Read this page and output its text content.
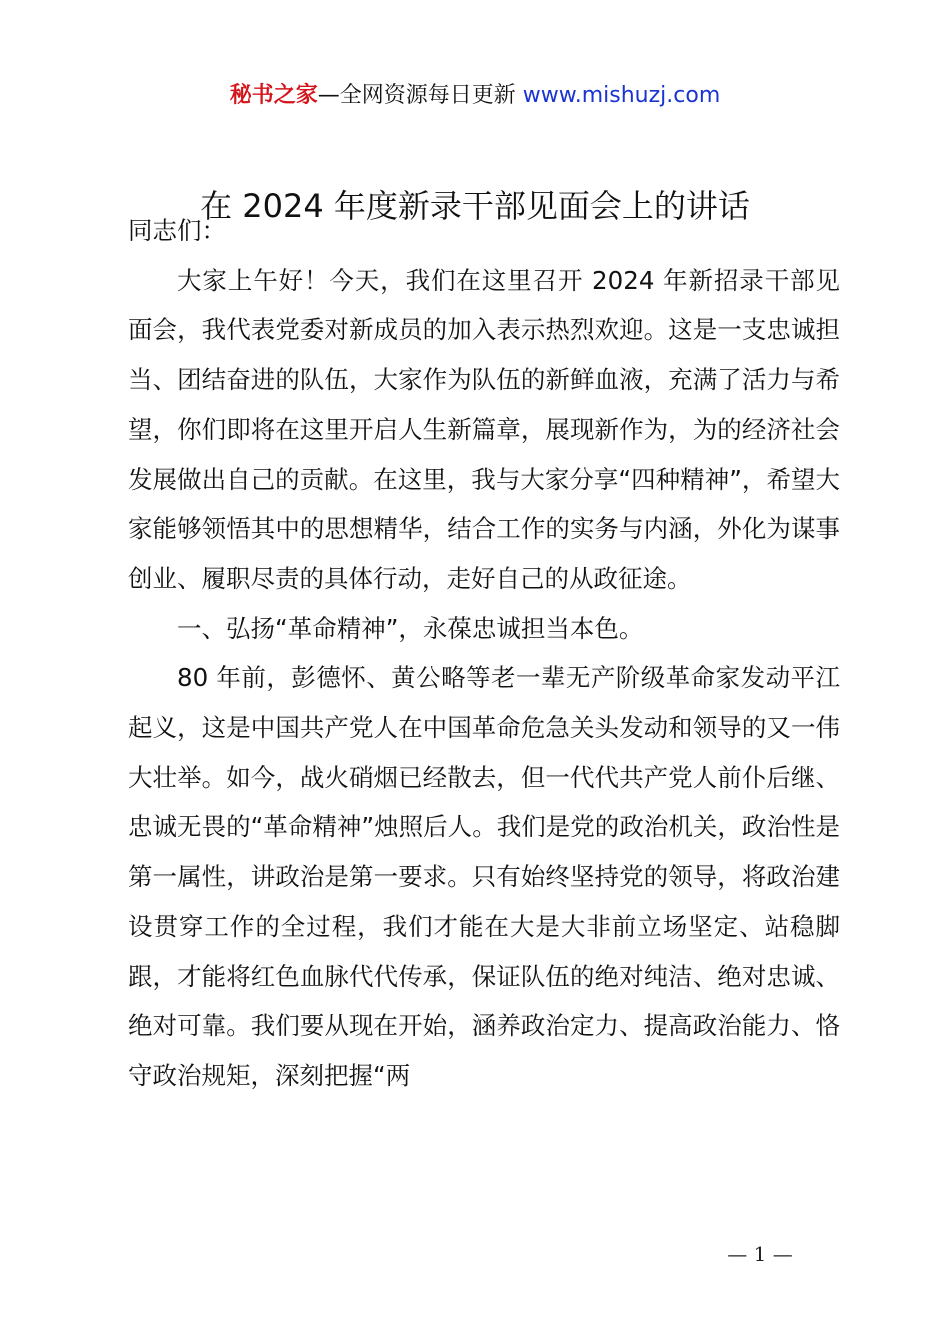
秘书之家—全网资源每日更新 www.mishuzj.com
在 2024 年度新录干部见面会上的讲话

同志们：

大家上午好！今天，我们在这里召开 2024 年新招录干部见面会，我代表党委对新成员的加入表示热烈欢迎。这是一支忠诚担当、团结奋进的队伍，大家作为队伍的新鲜血液，充满了活力与希望，你们即将在这里开启人生新篇章，展现新作为，为的经济社会发展做出自己的贡献。在这里，我与大家分享“四种精神”，希望大家能够领悟其中的思想精华，结合工作的实务与内涵，外化为谋事创业、履职尽责的具体行动，走好自己的从政征途。

一、弘扬“革命精神”，永葆忠诚担当本色。

80 年前，彭德怀、黄公略等老一辈无产阶级革命家发动平江起义，这是中国共产党人在中国革命危急关头发动和领导的又一伟大壮举。如今，战火硝烟已经散去，但一代代共产党人前仆后继、忠诚无畏的“革命精神”烛照后人。我们是党的政治机关，政治性是第一属性，讲政治是第一要求。只有始终坚持党的领导，将政治建设贯穿工作的全过程，我们才能在大是大非前立场坚定、站稳脚跟，才能将红色血脉代代传承，保证队伍的绝对纯洁、绝对忠诚、绝对可靠。我们要从现在开始，涵养政治定力、提高政治能力、恪守政治规矩，深刻把握“两

— 1 —
